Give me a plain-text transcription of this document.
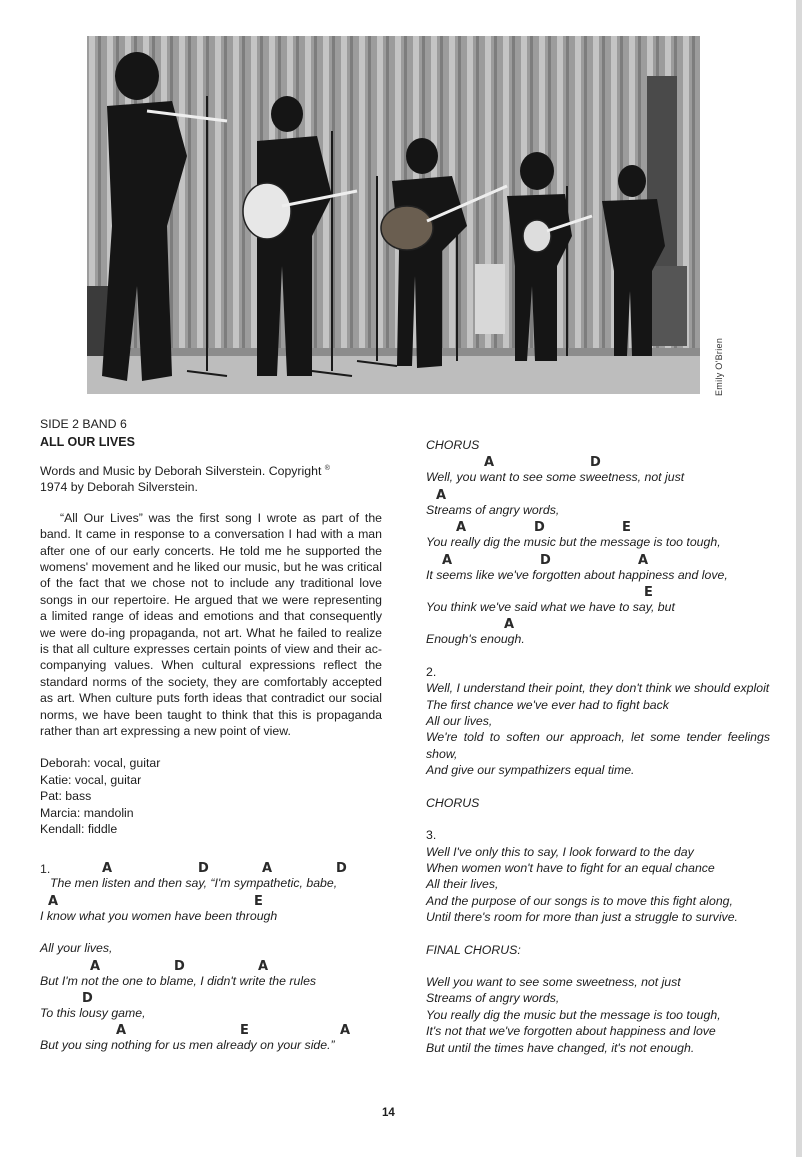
Emily O'Brien

SIDE 2 BAND 6

ALL OUR LIVES

Words and Music by Deborah Silverstein. Copyright ®
1974 by Deborah Silverstein.

“All Our Lives” was the first song I wrote as part of the band. It came in response to a conversation I had with a man after one of our early concerts. He told me he supported the womens' movement and he liked our music, but he was critical of the fact that we chose not to include any traditional love songs in our repertoire. He argued that we were representing a limited range of ideas and emotions and that consequently we were do-ing propaganda, not art. What he failed to realize is that all culture expresses certain points of view and their ac-companying values. When cultural expressions reflect the standard norms of the society, they are comfortably accepted as art. When culture puts forth ideas that contradict our social norms, we have been taught to think that this is propaganda rather than art expressing a new point of view.

Deborah: vocal, guitar
Katie: vocal, guitar
Pat: bass
Marcia: mandolin
Kendall: fiddle
1.	A	D	A	D
The men listen and then say, “I'm sympathetic, babe,
A	E
I know what you women have been through
All your lives,
A	D	A
But I'm not the one to blame, I didn't write the rules
D
To this lousy game,
A	E	A
But you sing nothing for us men already on your side.”
CHORUS
A	D
Well, you want to see some sweetness, not just
A
Streams of angry words,
A	D	E
You really dig the music but the message is too tough,
A	D	A
It seems like we've forgotten about happiness and love,
E
You think we've said what we have to say, but
A
Enough's enough.
2.
Well, I understand their point, they don't think we should exploit
The first chance we've ever had to fight back
All our lives,
We're told to soften our approach, let some tender feelings show,
And give our sympathizers equal time.
CHORUS
3.
Well I've only this to say, I look forward to the day
When women won't have to fight for an equal chance
All their lives,
And the purpose of our songs is to move this fight along,
Until there's room for more than just a struggle to survive.
FINAL CHORUS:
Well you want to see some sweetness, not just
Streams of angry words,
You really dig the music but the message is too tough,
It's not that we've forgotten about happiness and love
But until the times have changed, it's not enough.
14
